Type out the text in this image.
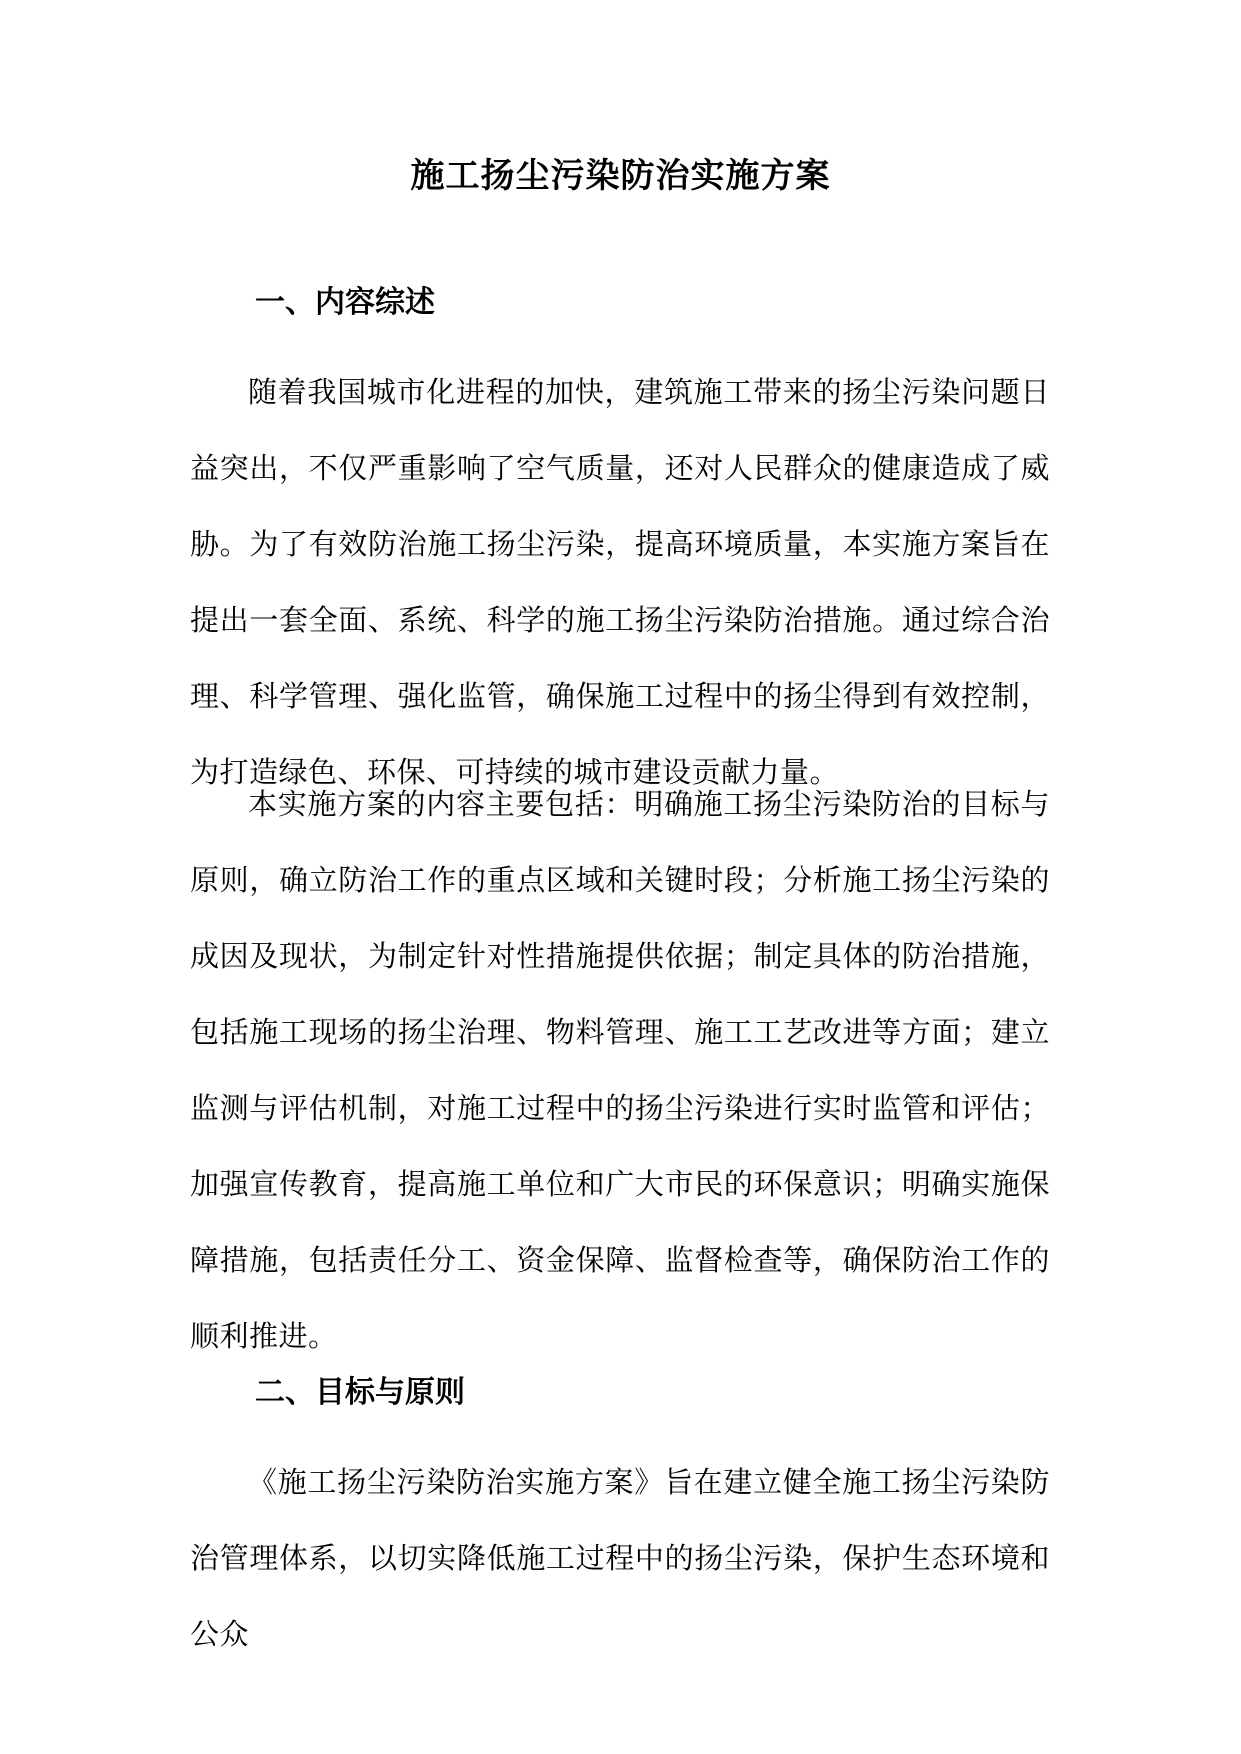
施工扬尘污染防治实施方案
一、内容综述
随着我国城市化进程的加快，建筑施工带来的扬尘污染问题日益突出，不仅严重影响了空气质量，还对人民群众的健康造成了威胁。为了有效防治施工扬尘污染，提高环境质量，本实施方案旨在提出一套全面、系统、科学的施工扬尘污染防治措施。通过综合治理、科学管理、强化监管，确保施工过程中的扬尘得到有效控制，为打造绿色、环保、可持续的城市建设贡献力量。
本实施方案的内容主要包括：明确施工扬尘污染防治的目标与原则，确立防治工作的重点区域和关键时段；分析施工扬尘污染的成因及现状，为制定针对性措施提供依据；制定具体的防治措施，包括施工现场的扬尘治理、物料管理、施工工艺改进等方面；建立监测与评估机制，对施工过程中的扬尘污染进行实时监管和评估；加强宣传教育，提高施工单位和广大市民的环保意识；明确实施保障措施，包括责任分工、资金保障、监督检查等，确保防治工作的顺利推进。
二、目标与原则
《施工扬尘污染防治实施方案》旨在建立健全施工扬尘污染防治管理体系，以切实降低施工过程中的扬尘污染，保护生态环境和公众
